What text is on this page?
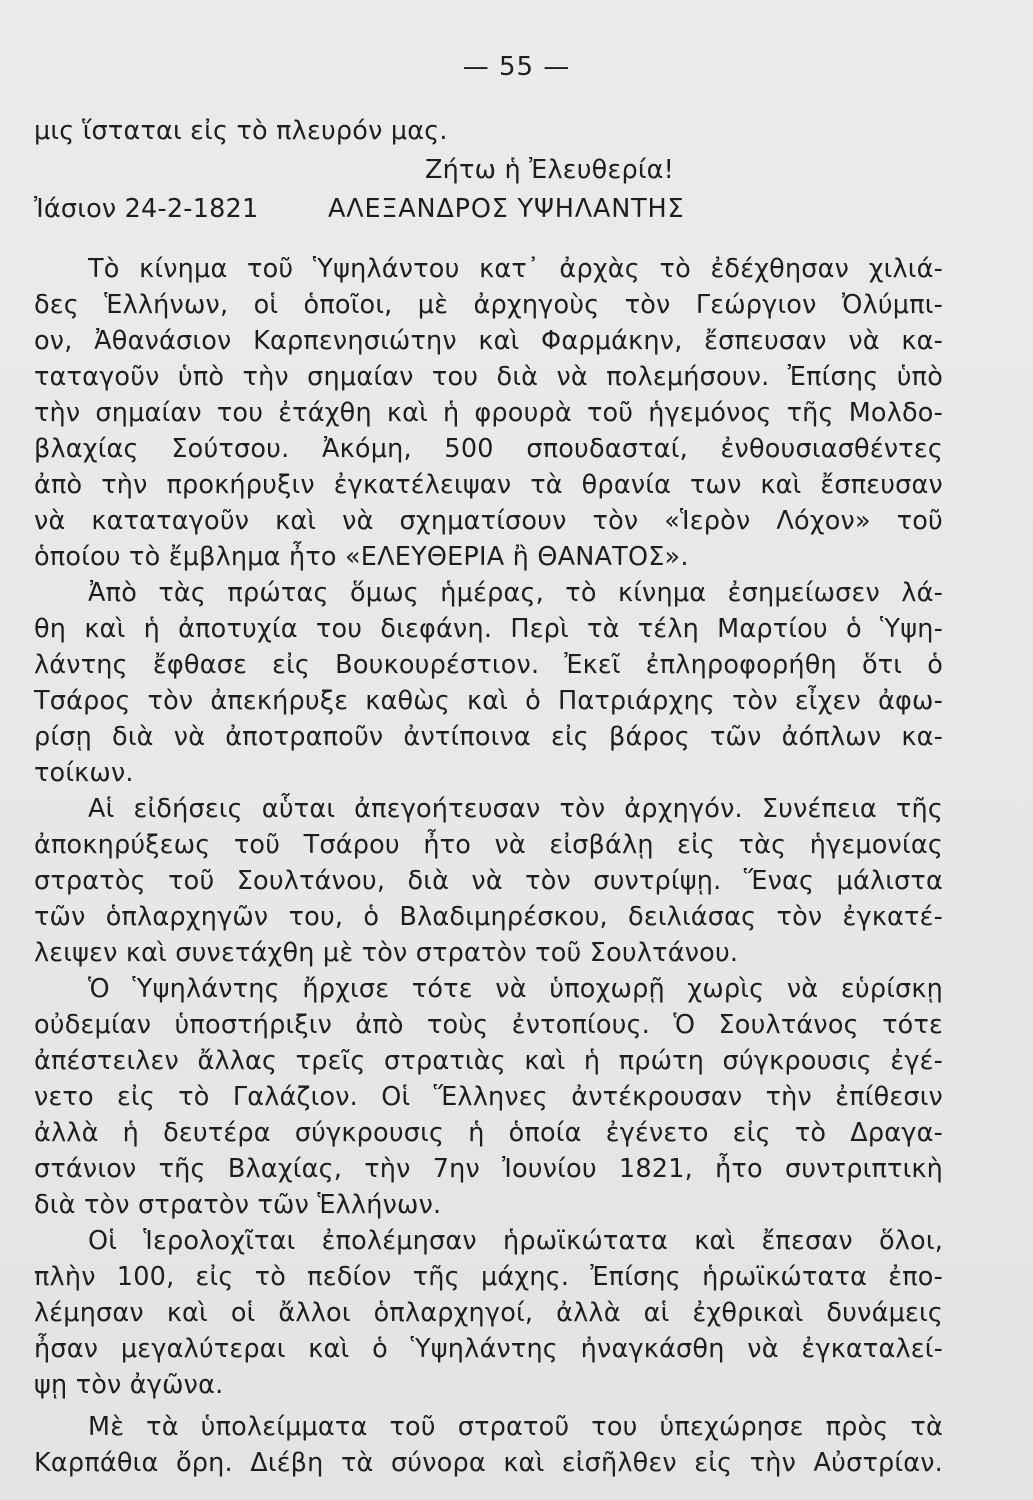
— 55 —
μις ἵσταται εἰς τὸ πλευρόν μας.
Ζήτω ἡ Ἐλευθερία!
Ἰάσιον 24-2-1821	ΑΛΕΞΑΝΔΡΟΣ ΥΨΗΛΑΝΤΗΣ
Τὸ κίνημα τοῦ Ὑψηλάντου κατ᾽ ἀρχὰς τὸ ἐδέχθησαν χιλιά-
δες Ἑλλήνων, οἱ ὁποῖοι, μὲ ἀρχηγοὺς τὸν Γεώργιον Ὀλύμπι-
ον, Ἀθανάσιον Καρπενησιώτην καὶ Φαρμάκην, ἔσπευσαν νὰ κα-
ταταγοῦν ὑπὸ τὴν σημαίαν του διὰ νὰ πολεμήσουν. Ἐπίσης ὑπὸ
τὴν σημαίαν του ἐτάχθη καὶ ἡ φρουρὰ τοῦ ἡγεμόνος τῆς Μολδο-
βλαχίας Σούτσου. Ἀκόμη, 500 σπουδασταί, ἐνθουσιασθέντες
ἀπὸ τὴν προκήρυξιν ἐγκατέλειψαν τὰ θρανία των καὶ ἔσπευσαν
νὰ καταταγοῦν καὶ νὰ σχηματίσουν τὸν «Ἱερὸν Λόχον» τοῦ
ὁποίου τὸ ἔμβλημα ἦτο «ΕΛΕΥΘΕΡΙΑ ἢ ΘΑΝΑΤΟΣ».
Ἀπὸ τὰς πρώτας ὅμως ἡμέρας, τὸ κίνημα ἐσημείωσεν λά-
θη καὶ ἡ ἀποτυχία του διεφάνη. Περὶ τὰ τέλη Μαρτίου ὁ Ὑψη-
λάντης ἔφθασε εἰς Βουκουρέστιον. Ἐκεῖ ἐπληροφορήθη ὅτι ὁ
Τσάρος τὸν ἀπεκήρυξε καθὼς καὶ ὁ Πατριάρχης τὸν εἶχεν ἀφω-
ρίσῃ διὰ νὰ ἀποτραποῦν ἀντίποινα εἰς βάρος τῶν ἀόπλων κα-
τοίκων.
Αἱ εἰδήσεις αὗται ἀπεγοήτευσαν τὸν ἀρχηγόν. Συνέπεια τῆς
ἀποκηρύξεως τοῦ Τσάρου ἦτο νὰ εἰσβάλῃ εἰς τὰς ἡγεμονίας
στρατὸς τοῦ Σουλτάνου, διὰ νὰ τὸν συντρίψῃ. Ἕνας μάλιστα
τῶν ὁπλαρχηγῶν του, ὁ Βλαδιμηρέσκου, δειλιάσας τὸν ἐγκατέ-
λειψεν καὶ συνετάχθη μὲ τὸν στρατὸν τοῦ Σουλτάνου.
Ὁ Ὑψηλάντης ἤρχισε τότε νὰ ὑποχωρῇ χωρὶς νὰ εὑρίσκῃ
οὐδεμίαν ὑποστήριξιν ἀπὸ τοὺς ἐντοπίους. Ὁ Σουλτάνος τότε
ἀπέστειλεν ἄλλας τρεῖς στρατιὰς καὶ ἡ πρώτη σύγκρουσις ἐγέ-
νετο εἰς τὸ Γαλάζιον. Οἱ Ἕλληνες ἀντέκρουσαν τὴν ἐπίθεσιν
ἀλλὰ ἡ δευτέρα σύγκρουσις ἡ ὁποία ἐγένετο εἰς τὸ Δραγα-
στάνιον τῆς Βλαχίας, τὴν 7ην Ἰουνίου 1821, ἦτο συντριπτικὴ
διὰ τὸν στρατὸν τῶν Ἑλλήνων.
Οἱ Ἱερολοχῖται ἐπολέμησαν ἡρωϊκώτατα καὶ ἔπεσαν ὅλοι,
πλὴν 100, εἰς τὸ πεδίον τῆς μάχης. Ἐπίσης ἡρωϊκώτατα ἐπο-
λέμησαν καὶ οἱ ἄλλοι ὁπλαρχηγοί, ἀλλὰ αἱ ἐχθρικαὶ δυνάμεις
ἦσαν μεγαλύτεραι καὶ ὁ Ὑψηλάντης ἠναγκάσθη νὰ ἐγκαταλεί-
ψῃ τὸν ἀγῶνα.
Μὲ τὰ ὑπολείμματα τοῦ στρατοῦ του ὑπεχώρησε πρὸς τὰ
Καρπάθια ὄρη. Διέβη τὰ σύνορα καὶ εἰσῆλθεν εἰς τὴν Αὐστρίαν.
